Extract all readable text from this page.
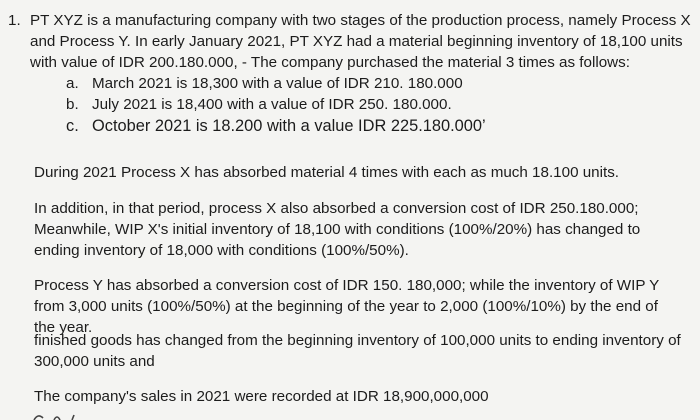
1. PT XYZ is a manufacturing company with two stages of the production process, namely Process X and Process Y. In early January 2021, PT XYZ had a material beginning inventory of 18,100 units with value of IDR 200.180.000, - The company purchased the material 3 times as follows:
a. March 2021 is 18,300 with a value of IDR 210. 180.000
b. July 2021 is 18,400 with a value of IDR 250. 180.000.
c. October 2021 is 18.200 with a value IDR 225.180.000’

During 2021 Process X has absorbed material 4 times with each as much 18.100 units.

In addition, in that period, process X also absorbed a conversion cost of IDR 250.180.000; Meanwhile, WIP X's initial inventory of 18,100 with conditions (100%/20%) has changed to ending inventory of 18,000 with conditions (100%/50%).

Process Y has absorbed a conversion cost of IDR 150. 180,000; while the inventory of WIP Y from 3,000 units (100%/50%) at the beginning of the year to 2,000 (100%/10%) by the end of the year.

finished goods has changed from the beginning inventory of 100,000 units to ending inventory of 300,000 units and

The company's sales in 2021 were recorded at IDR 18,900,000,000
